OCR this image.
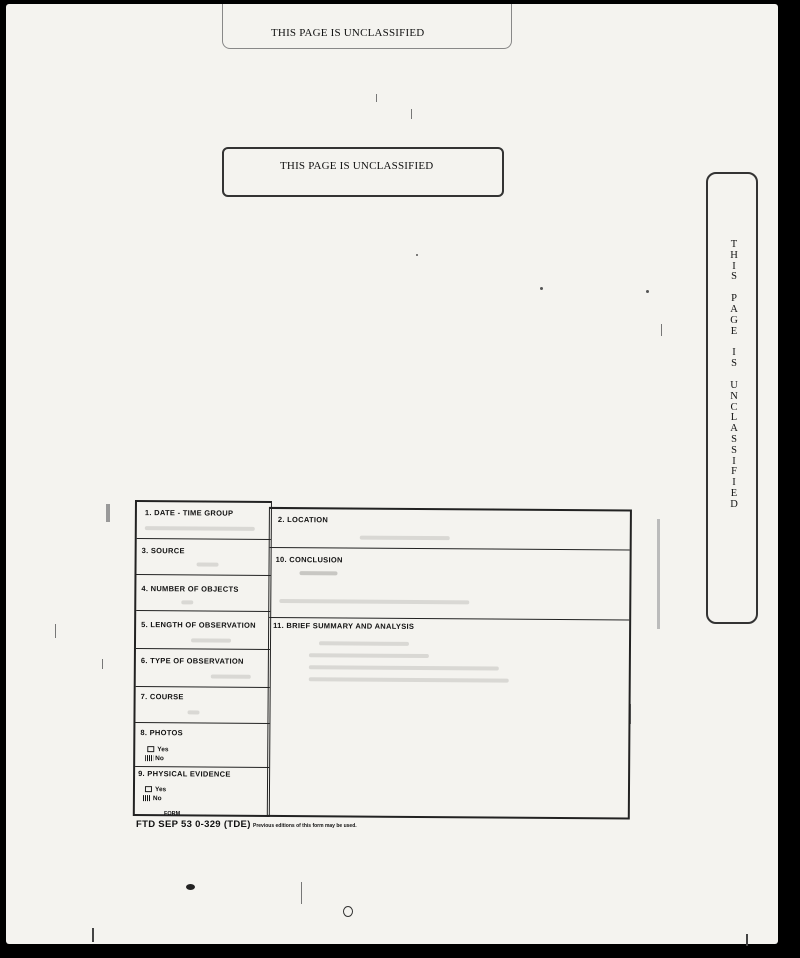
THIS PAGE IS UNCLASSIFIED
THIS PAGE IS UNCLASSIFIED
T
H
I
S
P
A
G
E
I
S
U
N
C
L
A
S
S
I
F
I
E
D
1. DATE - TIME GROUP
3. SOURCE
4. NUMBER OF OBJECTS
5. LENGTH OF OBSERVATION
6. TYPE OF OBSERVATION
7. COURSE
8. PHOTOS
Yes
No
9. PHYSICAL EVIDENCE
Yes
No
2. LOCATION
10. CONCLUSION
11. BRIEF SUMMARY AND ANALYSIS
FORM
FTD SEP 53 0-329 (TDE) Previous editions of this form may be used.
